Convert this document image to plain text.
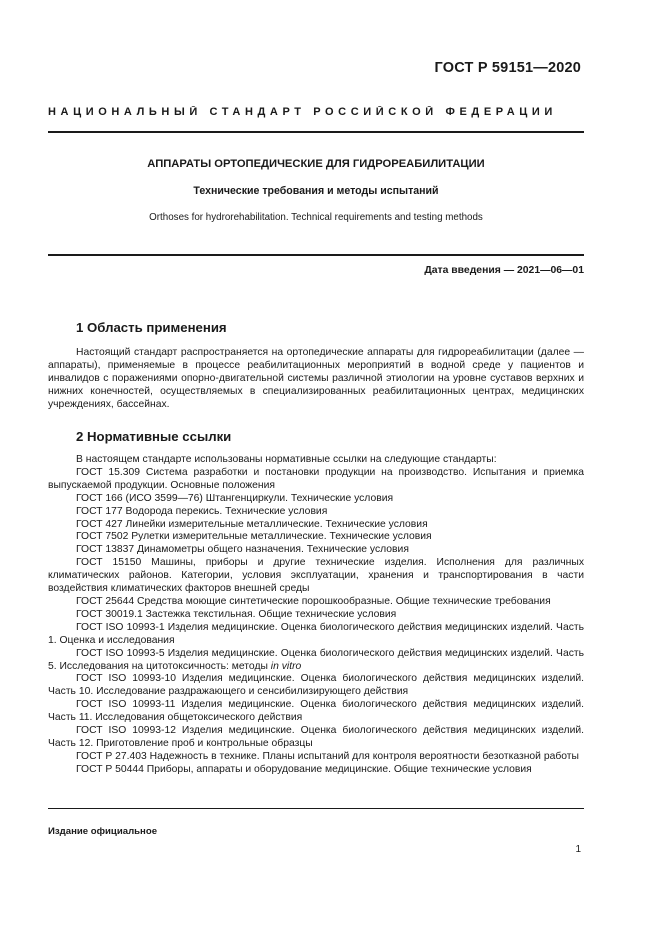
ГОСТ Р 59151—2020
НАЦИОНАЛЬНЫЙ СТАНДАРТ РОССИЙСКОЙ ФЕДЕРАЦИИ
АППАРАТЫ ОРТОПЕДИЧЕСКИЕ ДЛЯ ГИДРОРЕАБИЛИТАЦИИ
Технические требования и методы испытаний
Orthoses for hydrorehabilitation. Technical requirements and testing methods
Дата введения — 2021—06—01
1 Область применения

Настоящий стандарт распространяется на ортопедические аппараты для гидрореабилитации (далее — аппараты), применяемые в процессе реабилитационных мероприятий в водной среде у пациентов и инвалидов с поражениями опорно-двигательной системы различной этиологии на уровне суставов верхних и нижних конечностей, осуществляемых в специализированных реабилитационных центрах, медицинских учреждениях, бассейнах.

2 Нормативные ссылки

В настоящем стандарте использованы нормативные ссылки на следующие стандарты:

ГОСТ 15.309 Система разработки и постановки продукции на производство. Испытания и приемка выпускаемой продукции. Основные положения

ГОСТ 166 (ИСО 3599—76) Штангенциркули. Технические условия

ГОСТ 177 Водорода перекись. Технические условия

ГОСТ 427 Линейки измерительные металлические. Технические условия

ГОСТ 7502 Рулетки измерительные металлические. Технические условия

ГОСТ 13837 Динамометры общего назначения. Технические условия

ГОСТ 15150 Машины, приборы и другие технические изделия. Исполнения для различных климатических районов. Категории, условия эксплуатации, хранения и транспортирования в части воздействия климатических факторов внешней среды

ГОСТ 25644 Средства моющие синтетические порошкообразные. Общие технические требования

ГОСТ 30019.1 Застежка текстильная. Общие технические условия

ГОСТ ISO 10993-1 Изделия медицинские. Оценка биологического действия медицинских изделий. Часть 1. Оценка и исследования

ГОСТ ISO 10993-5 Изделия медицинские. Оценка биологического действия медицинских изделий. Часть 5. Исследования на цитотоксичность: методы in vitro

ГОСТ ISO 10993-10 Изделия медицинские. Оценка биологического действия медицинских изделий. Часть 10. Исследование раздражающего и сенсибилизирующего действия

ГОСТ ISO 10993-11 Изделия медицинские. Оценка биологического действия медицинских изделий. Часть 11. Исследования общетоксического действия

ГОСТ ISO 10993-12 Изделия медицинские. Оценка биологического действия медицинских изделий. Часть 12. Приготовление проб и контрольные образцы

ГОСТ Р 27.403 Надежность в технике. Планы испытаний для контроля вероятности безотказной работы

ГОСТ Р 50444 Приборы, аппараты и оборудование медицинские. Общие технические условия

Издание официальное
1
